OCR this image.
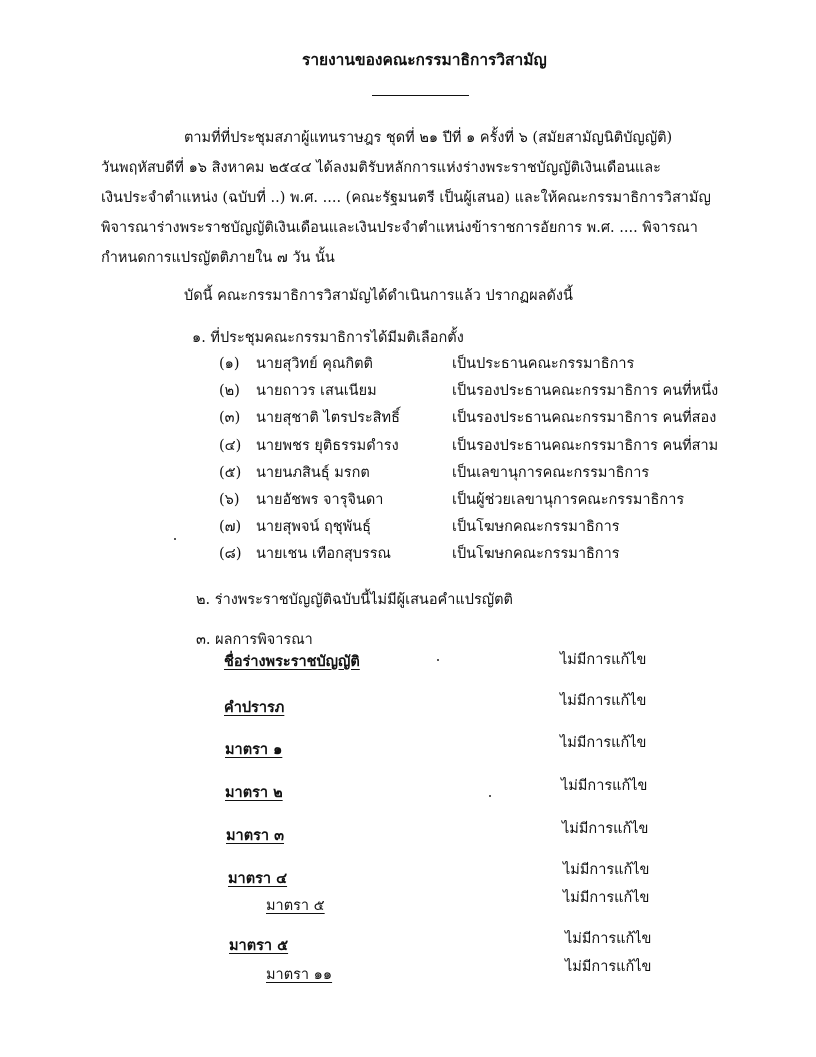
รายงานของคณะกรรมาธิการวิสามัญ
ตามที่ที่ประชุมสภาผู้แทนราษฎร ชุดที่ ๒๑ ปีที่ ๑ ครั้งที่ ๖ (สมัยสามัญนิติบัญญัติ)
วันพฤหัสบดีที่ ๑๖ สิงหาคม ๒๕๔๔ ได้ลงมติรับหลักการแห่งร่างพระราชบัญญัติเงินเดือนและ
เงินประจำตำแหน่ง (ฉบับที่ ..) พ.ศ. .... (คณะรัฐมนตรี เป็นผู้เสนอ) และให้คณะกรรมาธิการวิสามัญ
พิจารณาร่างพระราชบัญญัติเงินเดือนและเงินประจำตำแหน่งข้าราชการอัยการ พ.ศ. .... พิจารณา
กำหนดการแปรญัตติภายใน ๗ วัน นั้น
บัดนี้ คณะกรรมาธิการวิสามัญได้ดำเนินการแล้ว ปรากฏผลดังนี้
๑. ที่ประชุมคณะกรรมาธิการได้มีมติเลือกตั้ง
(๑) นายสุวิทย์ คุณกิตติ	เป็นประธานคณะกรรมาธิการ
(๒) นายถาวร เสนเนียม	เป็นรองประธานคณะกรรมาธิการ คนที่หนึ่ง
(๓) นายสุชาติ ไตรประสิทธิ์	เป็นรองประธานคณะกรรมาธิการ คนที่สอง
(๔) นายพชร ยุติธรรมดำรง	เป็นรองประธานคณะกรรมาธิการ คนที่สาม
(๕) นายนภสินธุ์ มรกต	เป็นเลขานุการคณะกรรมาธิการ
(๖) นายอัชพร จารุจินดา	เป็นผู้ช่วยเลขานุการคณะกรรมาธิการ
(๗) นายสุพจน์ ฤชุพันธุ์	เป็นโฆษกคณะกรรมาธิการ
(๘) นายเชน เทือกสุบรรณ	เป็นโฆษกคณะกรรมาธิการ
๒. ร่างพระราชบัญญัติฉบับนี้ไม่มีผู้เสนอคำแปรญัตติ
๓. ผลการพิจารณา
ชื่อร่างพระราชบัญญัติ	ไม่มีการแก้ไข
คำปรารภ	ไม่มีการแก้ไข
มาตรา ๑	ไม่มีการแก้ไข
มาตรา ๒	ไม่มีการแก้ไข
มาตรา ๓	ไม่มีการแก้ไข
มาตรา ๔	ไม่มีการแก้ไข
มาตรา ๕	ไม่มีการแก้ไข
มาตรา ๕	ไม่มีการแก้ไข
มาตรา ๑๑	ไม่มีการแก้ไข
